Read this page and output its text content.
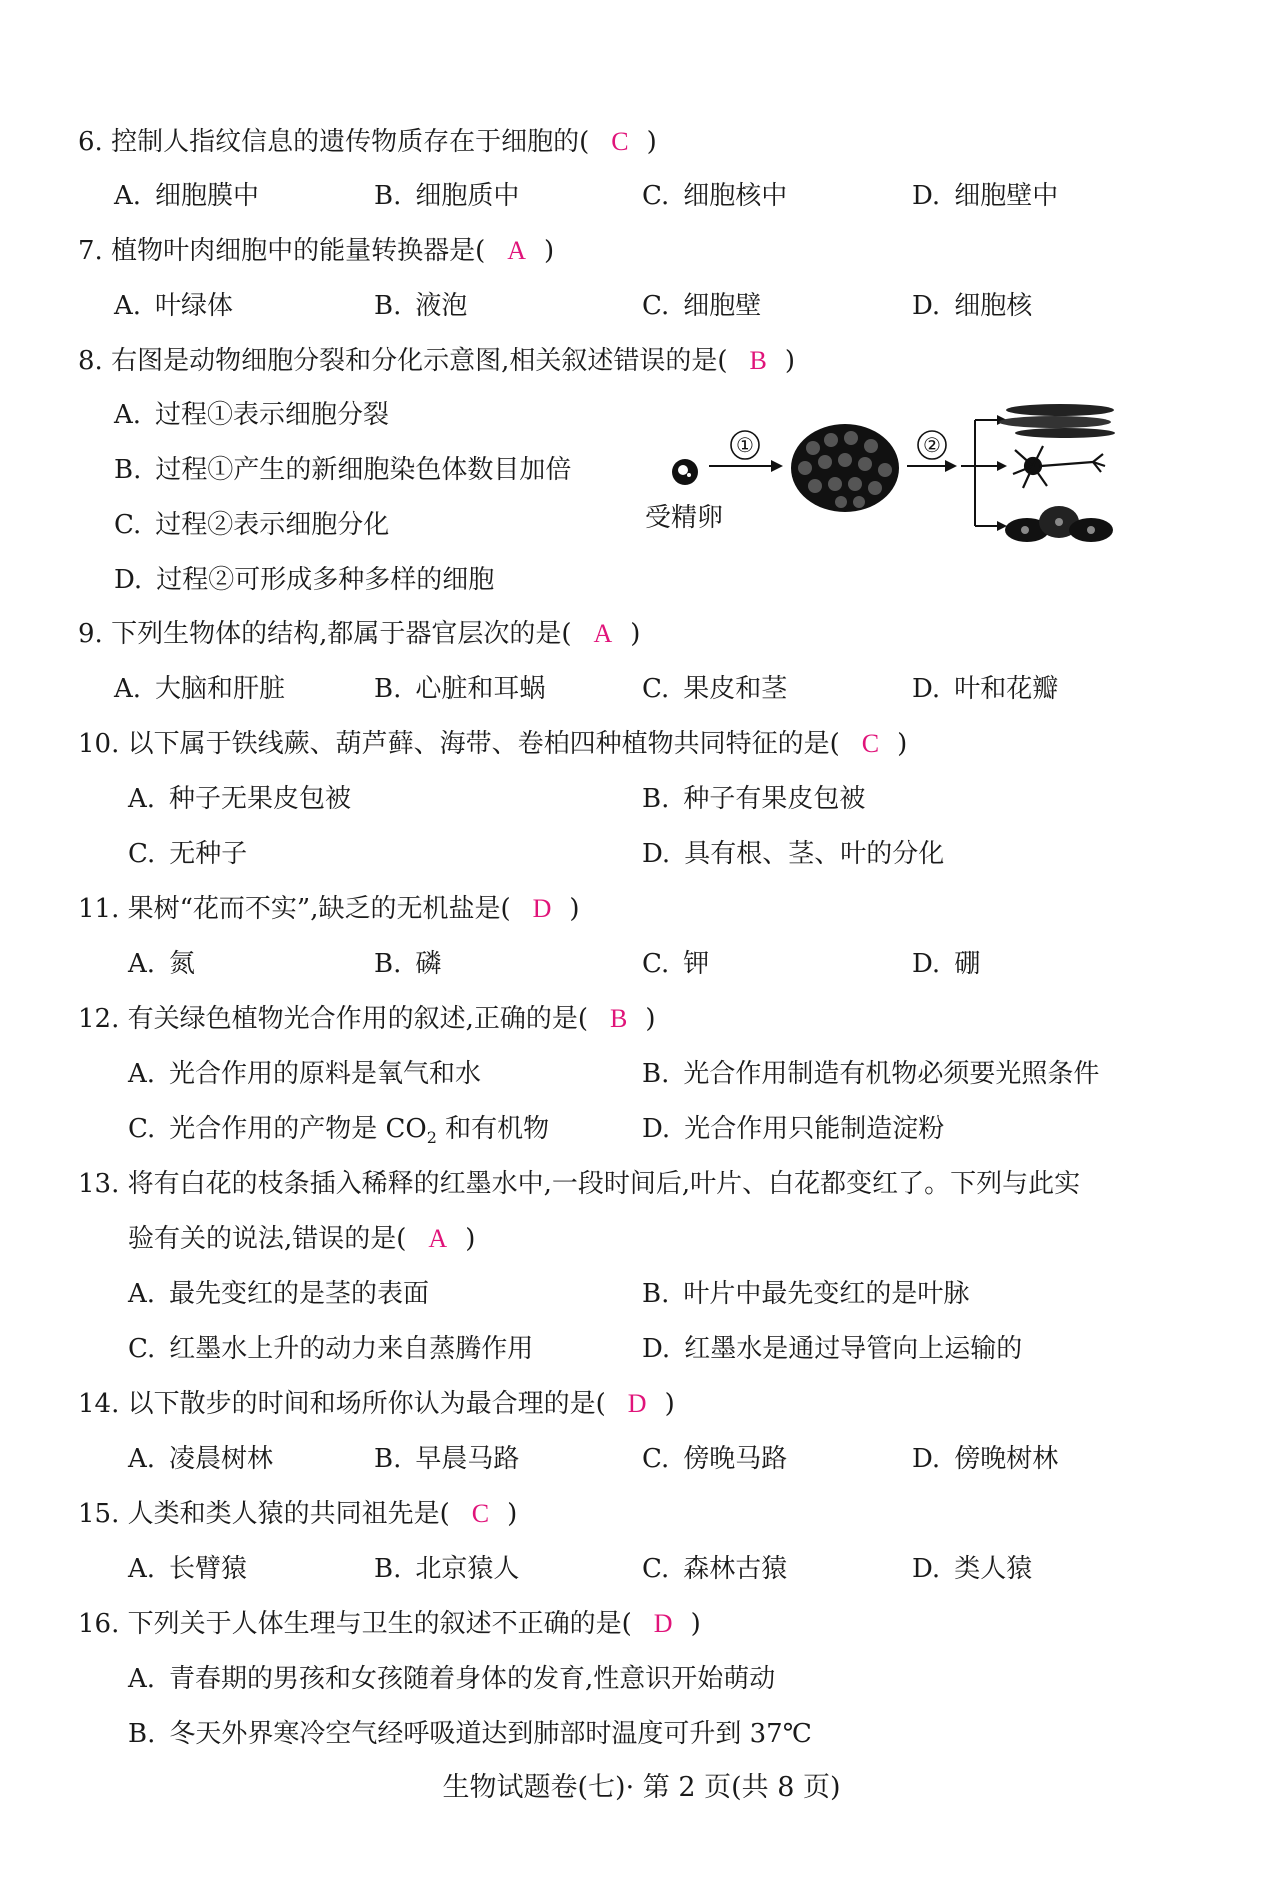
6. 控制人指纹信息的遗传物质存在于细胞的( C )
A. 细胞膜中	B. 细胞质中	C. 细胞核中	D. 细胞壁中
7. 植物叶肉细胞中的能量转换器是( A )
A. 叶绿体	B. 液泡	C. 细胞壁	D. 细胞核
8. 右图是动物细胞分裂和分化示意图,相关叙述错误的是( B )
A. 过程①表示细胞分裂
B. 过程①产生的新细胞染色体数目加倍
C. 过程②表示细胞分化
D. 过程②可形成多种多样的细胞
①	②
受精卵
9. 下列生物体的结构,都属于器官层次的是( A )
A. 大脑和肝脏	B. 心脏和耳蜗	C. 果皮和茎	D. 叶和花瓣
10. 以下属于铁线蕨、葫芦藓、海带、卷柏四种植物共同特征的是( C )
A. 种子无果皮包被	B. 种子有果皮包被
C. 无种子	D. 具有根、茎、叶的分化
11. 果树“花而不实”,缺乏的无机盐是( D )
A. 氮	B. 磷	C. 钾	D. 硼
12. 有关绿色植物光合作用的叙述,正确的是( B )
A. 光合作用的原料是氧气和水	B. 光合作用制造有机物必须要光照条件
C. 光合作用的产物是 $CO_2$ 和有机物	D. 光合作用只能制造淀粉
13. 将有白花的枝条插入稀释的红墨水中,一段时间后,叶片、白花都变红了。下列与此实
验有关的说法,错误的是( A )
A. 最先变红的是茎的表面	B. 叶片中最先变红的是叶脉
C. 红墨水上升的动力来自蒸腾作用	D. 红墨水是通过导管向上运输的
14. 以下散步的时间和场所你认为最合理的是( D )
A. 凌晨树林	B. 早晨马路	C. 傍晚马路	D. 傍晚树林
15. 人类和类人猿的共同祖先是( C )
A. 长臂猿	B. 北京猿人	C. 森林古猿	D. 类人猿
16. 下列关于人体生理与卫生的叙述不正确的是( D )
A. 青春期的男孩和女孩随着身体的发育,性意识开始萌动
B. 冬天外界寒冷空气经呼吸道达到肺部时温度可升到 37℃
生物试题卷(七)· 第 2 页(共 8 页)
